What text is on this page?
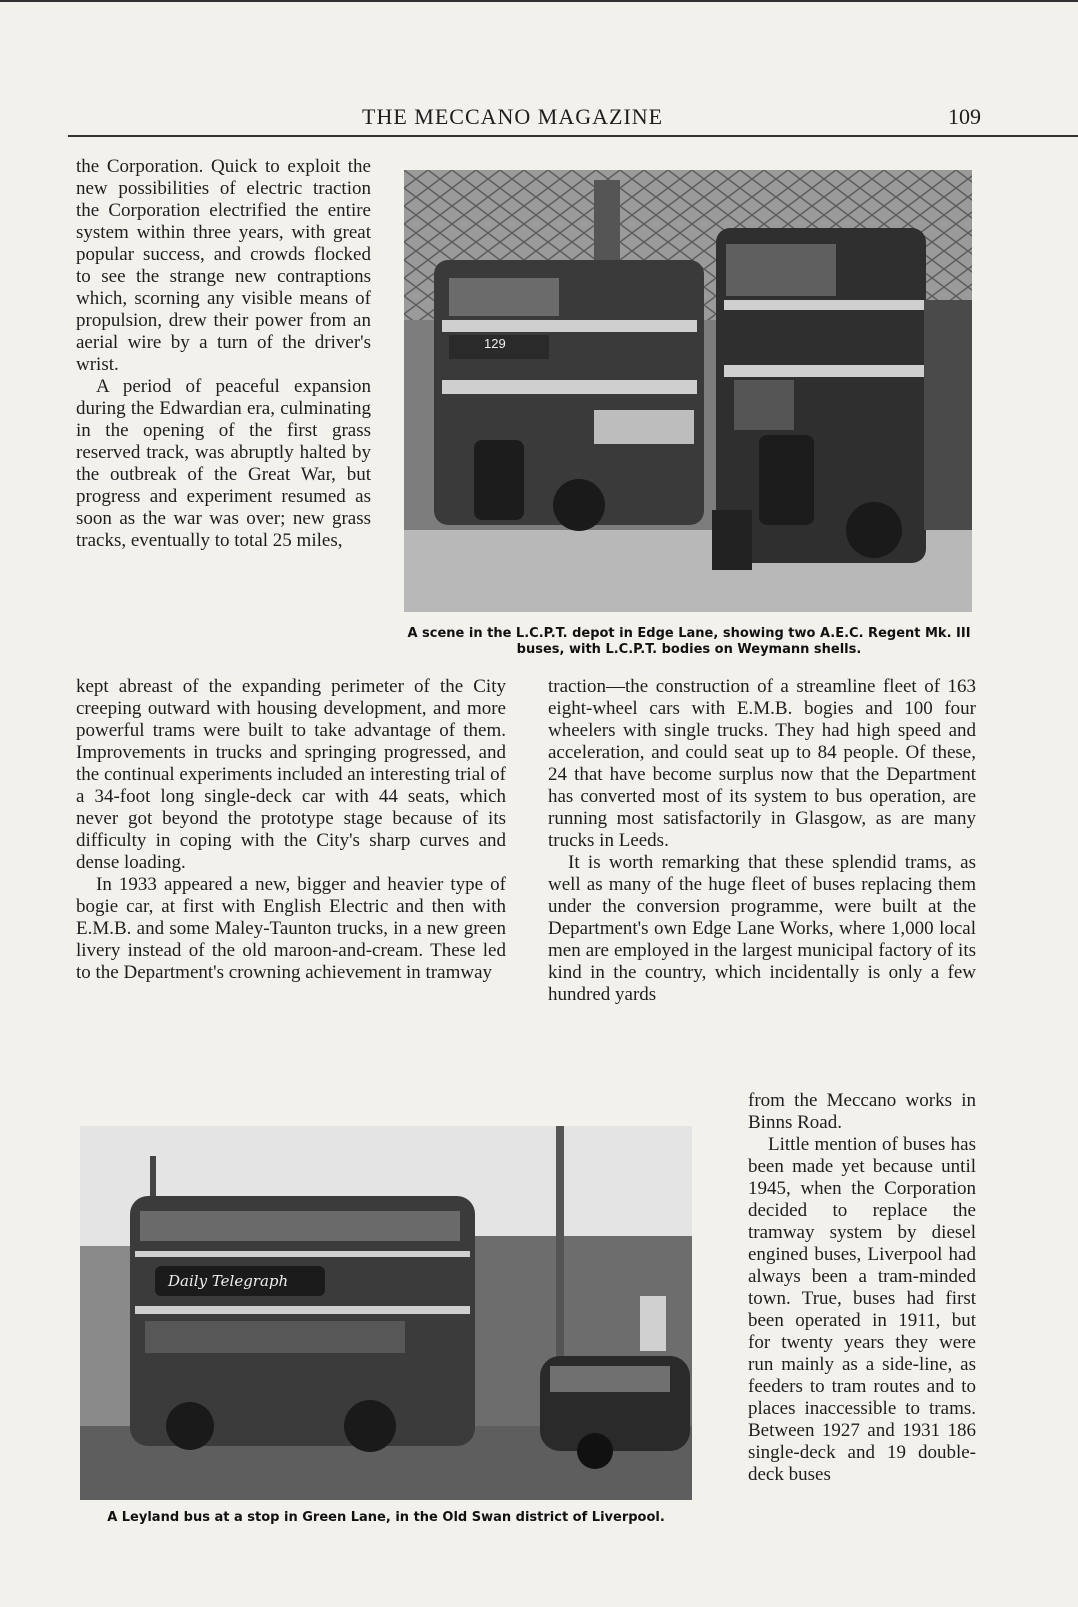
THE MECCANO MAGAZINE	109

the Corporation. Quick to exploit the new possibilities of electric traction the Corporation electrified the entire system within three years, with great popular success, and crowds flocked to see the strange new contraptions which, scorning any visible means of propulsion, drew their power from an aerial wire by a turn of the driver's wrist.

A period of peaceful expansion during the Edwardian era, culminating in the opening of the first grass reserved track, was abruptly halted by the outbreak of the Great War, but progress and experiment resumed as soon as the war was over; new grass tracks, eventually to total 25 miles,

129
A scene in the L.C.P.T. depot in Edge Lane, showing two A.E.C. Regent Mk. III buses, with L.C.P.T. bodies on Weymann shells.

kept abreast of the expanding perimeter of the City creeping outward with housing development, and more powerful trams were built to take advantage of them. Improvements in trucks and springing progressed, and the continual experiments included an interesting trial of a 34-foot long single-deck car with 44 seats, which never got beyond the prototype stage because of its difficulty in coping with the City's sharp curves and dense loading.

In 1933 appeared a new, bigger and heavier type of bogie car, at first with English Electric and then with E.M.B. and some Maley-Taunton trucks, in a new green livery instead of the old maroon-and-cream. These led to the Department's crowning achievement in tramway

traction—the construction of a streamline fleet of 163 eight-wheel cars with E.M.B. bogies and 100 four wheelers with single trucks. They had high speed and acceleration, and could seat up to 84 people. Of these, 24 that have become surplus now that the Department has converted most of its system to bus operation, are running most satisfactorily in Glasgow, as are many trucks in Leeds.

It is worth remarking that these splendid trams, as well as many of the huge fleet of buses replacing them under the conversion programme, were built at the Department's own Edge Lane Works, where 1,000 local men are employed in the largest municipal factory of its kind in the country, which incidentally is only a few hundred yards

Daily Telegraph
A Leyland bus at a stop in Green Lane, in the Old Swan district of Liverpool.

from the Meccano works in Binns Road.

Little mention of buses has been made yet because until 1945, when the Corporation decided to replace the tramway system by diesel engined buses, Liverpool had always been a tram-minded town. True, buses had first been operated in 1911, but for twenty years they were run mainly as a side-line, as feeders to tram routes and to places inaccessible to trams. Between 1927 and 1931 186 single-deck and 19 double-deck buses
